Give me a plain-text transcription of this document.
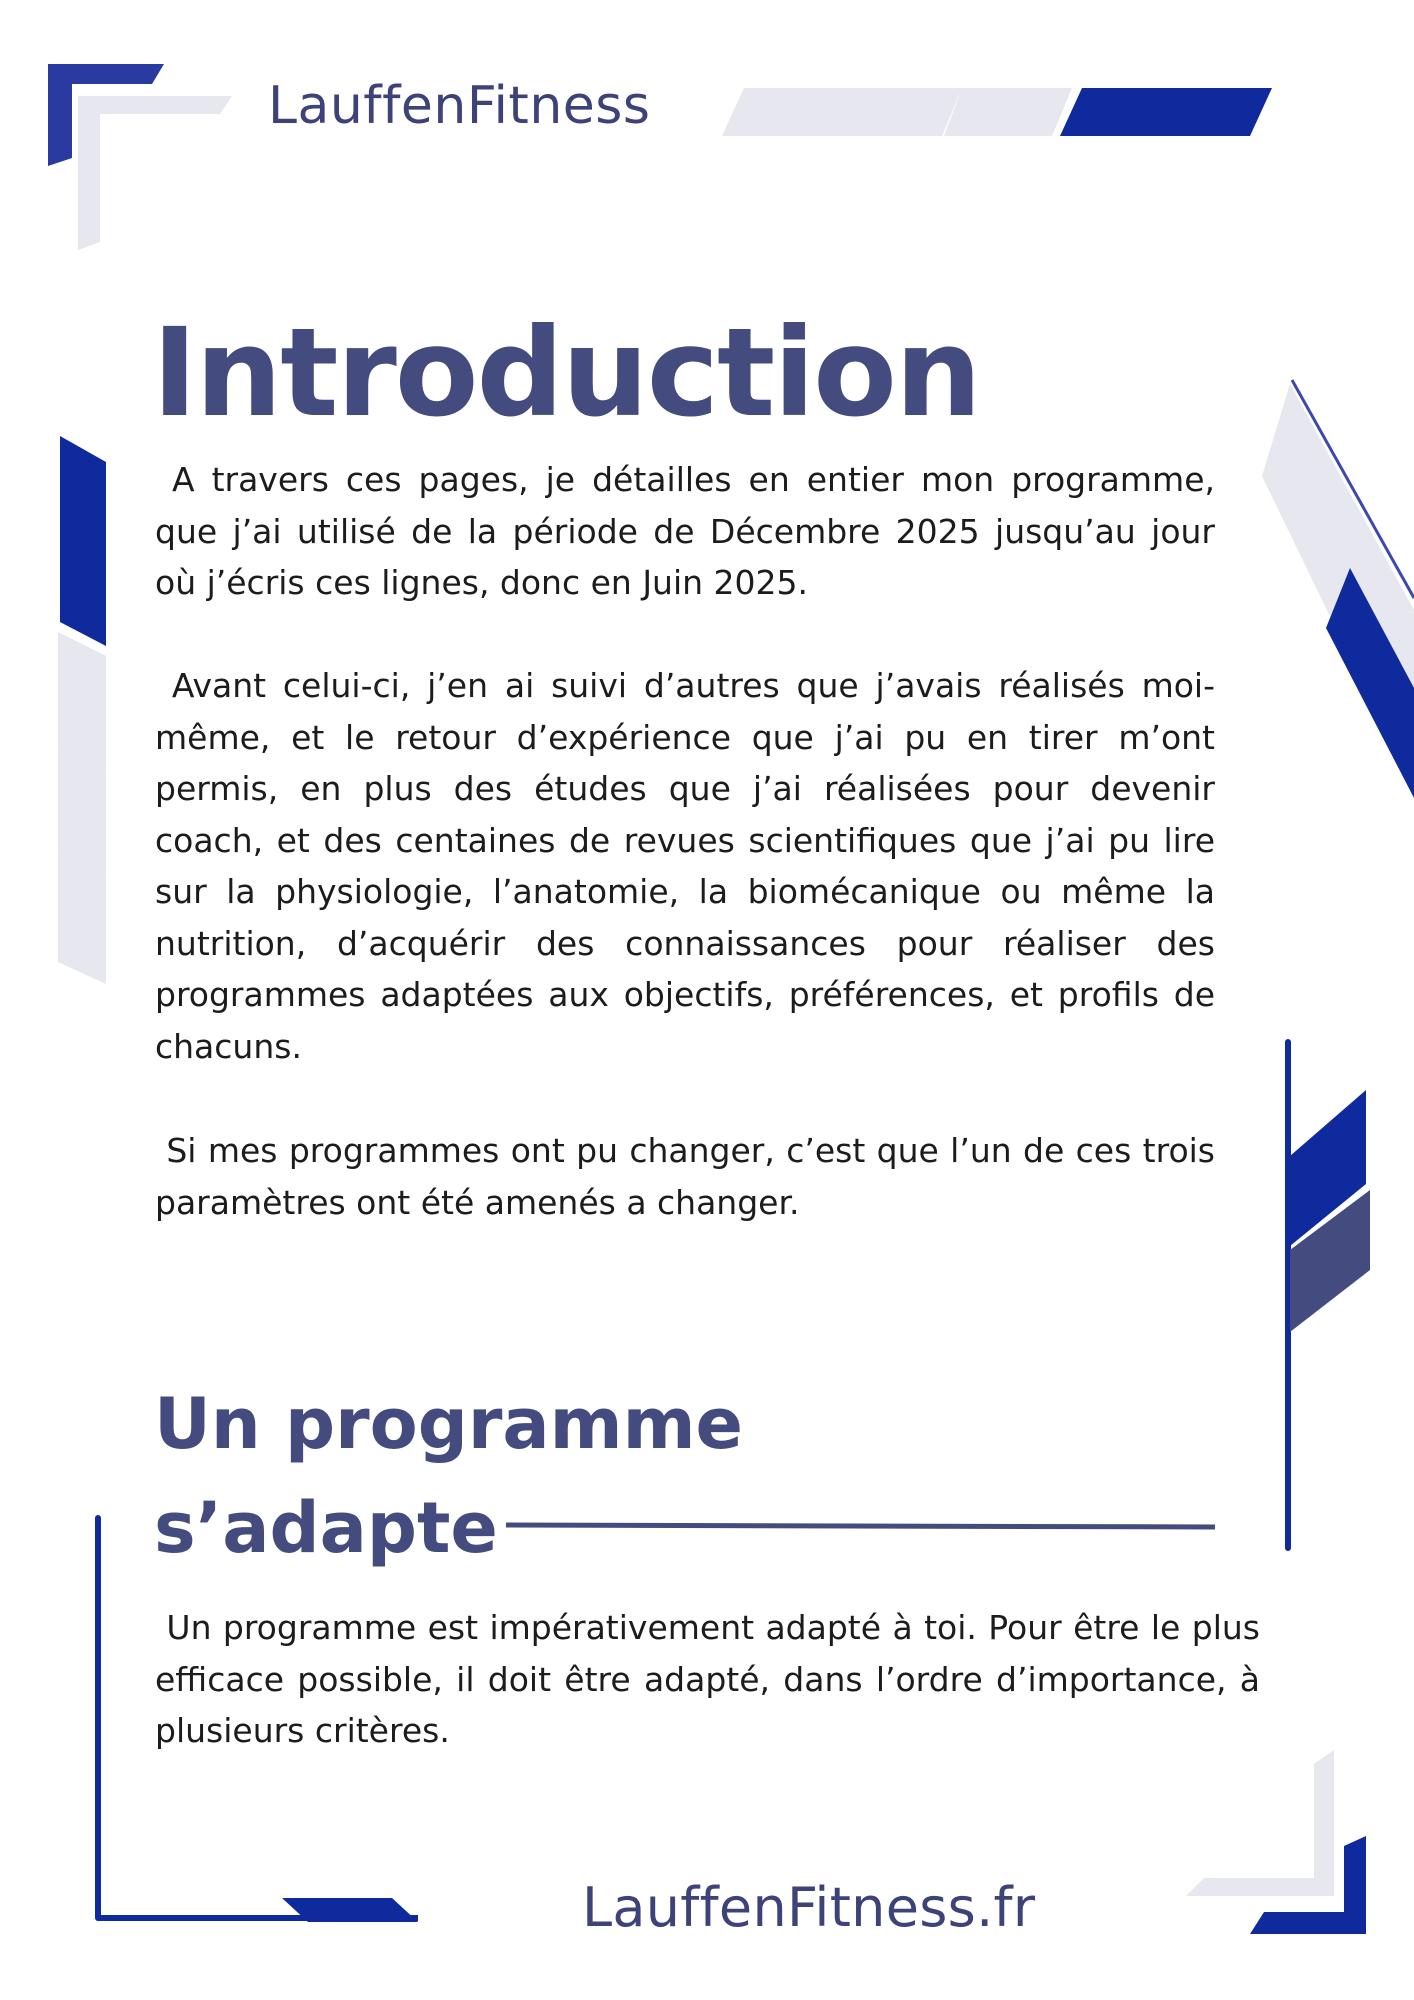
LauffenFitness
Introduction

A travers ces pages, je détailles en entier mon programme, que j’ai utilisé de la période de Décembre 2025 jusqu’au jour où j’écris ces lignes, donc en Juin 2025.

Avant celui-ci, j’en ai suivi d’autres que j’avais réalisés moi-même, et le retour d’expérience que j’ai pu en tirer m’ont permis, en plus des études que j’ai réalisées pour devenir coach, et des centaines de revues scientifiques que j’ai pu lire sur la physiologie, l’anatomie, la biomécanique ou même la nutrition, d’acquérir des connaissances pour réaliser des programmes adaptées aux objectifs, préférences, et profils de chacuns.

Si mes programmes ont pu changer, c’est que l’un de ces trois paramètres ont été amenés a changer.

Un programme
s’adapte

Un programme est impérativement adapté à toi. Pour être le plus efficace possible, il doit être adapté, dans l’ordre d’importance, à plusieurs critères.

LauffenFitness.fr
